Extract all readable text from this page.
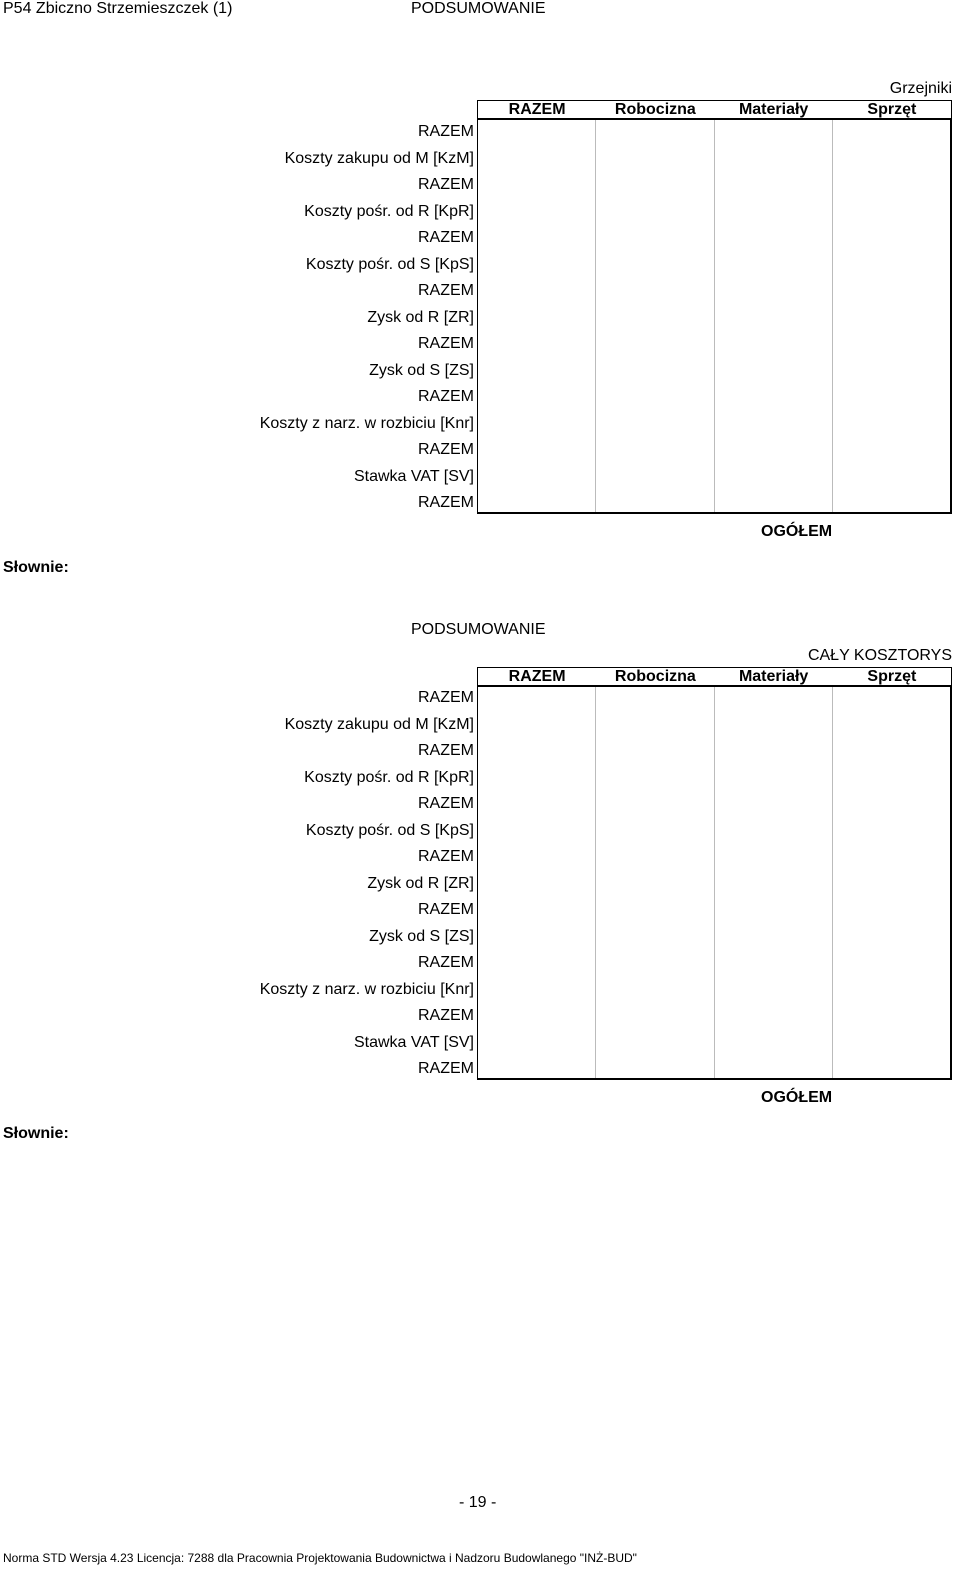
P54 Zbiczno Strzemieszczek (1)	PODSUMOWANIE
Grzejniki
RAZEM	Robocizna	Materiały	Sprzęt
RAZEM
Koszty zakupu od M [KzM]
RAZEM
Koszty pośr. od R [KpR]
RAZEM
Koszty pośr. od S [KpS]
RAZEM
Zysk od R [ZR]
RAZEM
Zysk od S [ZS]
RAZEM
Koszty z narz. w rozbiciu [Knr]
RAZEM
Stawka VAT [SV]
RAZEM
OGÓŁEM
Słownie:
PODSUMOWANIE
CAŁY KOSZTORYS
RAZEM	Robocizna	Materiały	Sprzęt
RAZEM
Koszty zakupu od M [KzM]
RAZEM
Koszty pośr. od R [KpR]
RAZEM
Koszty pośr. od S [KpS]
RAZEM
Zysk od R [ZR]
RAZEM
Zysk od S [ZS]
RAZEM
Koszty z narz. w rozbiciu [Knr]
RAZEM
Stawka VAT [SV]
RAZEM
OGÓŁEM
Słownie:
- 19 -
Norma STD Wersja 4.23 Licencja: 7288 dla Pracownia Projektowania Budownictwa i Nadzoru Budowlanego "INŻ-BUD"
